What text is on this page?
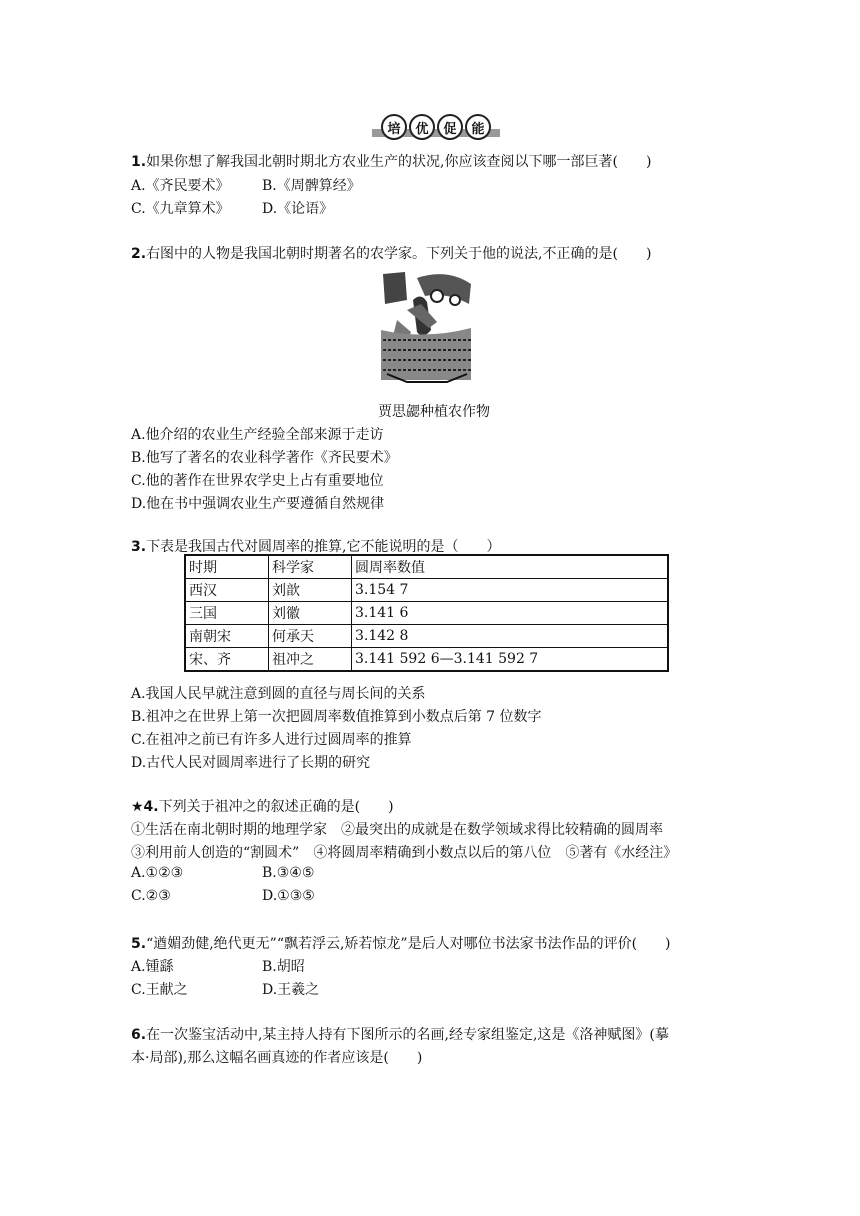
培	优	促	能
1.如果你想了解我国北朝时期北方农业生产的状况,你应该查阅以下哪一部巨著(　　)
A.《齐民要术》 B.《周髀算经》
C.《九章算术》 D.《论语》
2.右图中的人物是我国北朝时期著名的农学家。下列关于他的说法,不正确的是(　　)
贾思勰种植农作物
A.他介绍的农业生产经验全部来源于走访
B.他写了著名的农业科学著作《齐民要术》
C.他的著作在世界农学史上占有重要地位
D.他在书中强调农业生产要遵循自然规律
3.下表是我国古代对圆周率的推算,它不能说明的是（　　）
时期	科学家	圆周率数值
西汉	刘歆	3.154 7
三国	刘徽	3.141 6
南朝宋	何承天	3.142 8
宋、齐	祖冲之	3.141 592 6—3.141 592 7
A.我国人民早就注意到圆的直径与周长间的关系
B.祖冲之在世界上第一次把圆周率数值推算到小数点后第 7 位数字
C.在祖冲之前已有许多人进行过圆周率的推算
D.古代人民对圆周率进行了长期的研究
★4.下列关于祖冲之的叙述正确的是(　　)
①生活在南北朝时期的地理学家　②最突出的成就是在数学领域求得比较精确的圆周率
③利用前人创造的“割圆术”　④将圆周率精确到小数点以后的第八位　⑤著有《水经注》
A.①②③	B.③④⑤
C.②③	D.①③⑤
5.“遒媚劲健,绝代更无”“飘若浮云,矫若惊龙”是后人对哪位书法家书法作品的评价(　　)
A.锺繇	B.胡昭
C.王献之	D.王羲之
6.在一次鉴宝活动中,某主持人持有下图所示的名画,经专家组鉴定,这是《洛神赋图》(摹
本·局部),那么这幅名画真迹的作者应该是(　　)
